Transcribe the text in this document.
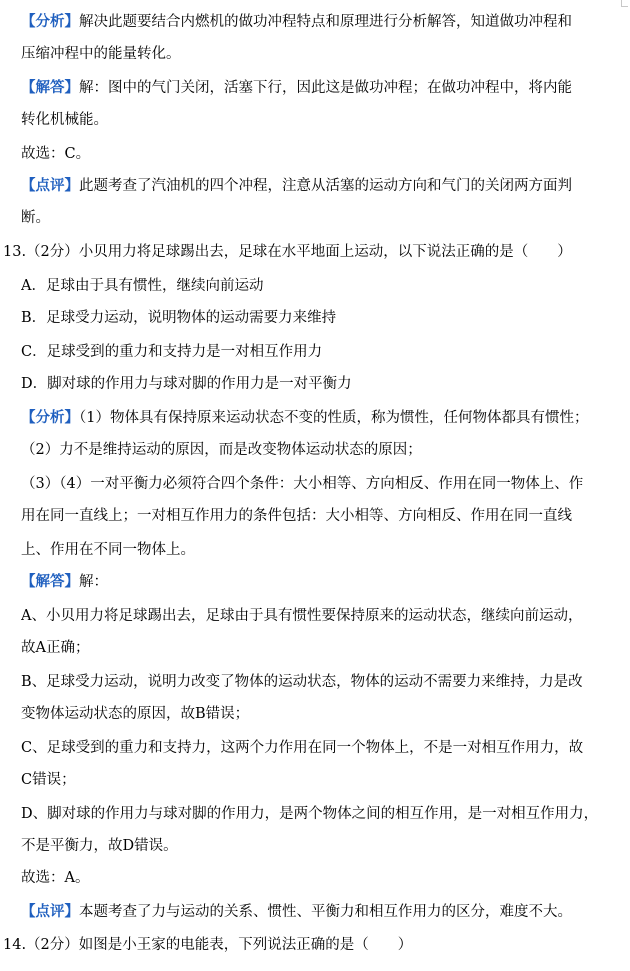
【分析】解决此题要结合内燃机的做功冲程特点和原理进行分析解答，知道做功冲程和
压缩冲程中的能量转化。
【解答】解：图中的气门关闭，活塞下行，因此这是做功冲程；在做功冲程中，将内能
转化机械能。
故选：C。
【点评】此题考查了汽油机的四个冲程，注意从活塞的运动方向和气门的关闭两方面判
断。
13.（2分）小贝用力将足球踢出去，足球在水平地面上运动，以下说法正确的是（　　）
A．足球由于具有惯性，继续向前运动
B．足球受力运动，说明物体的运动需要力来维持
C．足球受到的重力和支持力是一对相互作用力
D．脚对球的作用力与球对脚的作用力是一对平衡力
【分析】（1）物体具有保持原来运动状态不变的性质，称为惯性，任何物体都具有惯性；
（2）力不是维持运动的原因，而是改变物体运动状态的原因；
（3）（4）一对平衡力必须符合四个条件：大小相等、方向相反、作用在同一物体上、作
用在同一直线上；一对相互作用力的条件包括：大小相等、方向相反、作用在同一直线
上、作用在不同一物体上。
【解答】解：
A、小贝用力将足球踢出去，足球由于具有惯性要保持原来的运动状态，继续向前运动，
故A正确；
B、足球受力运动，说明力改变了物体的运动状态，物体的运动不需要力来维持，力是改
变物体运动状态的原因，故B错误；
C、足球受到的重力和支持力，这两个力作用在同一个物体上，不是一对相互作用力，故
C错误；
D、脚对球的作用力与球对脚的作用力，是两个物体之间的相互作用，是一对相互作用力，
不是平衡力，故D错误。
故选：A。
【点评】本题考查了力与运动的关系、惯性、平衡力和相互作用力的区分，难度不大。
14.（2分）如图是小王家的电能表，下列说法正确的是（　　）
